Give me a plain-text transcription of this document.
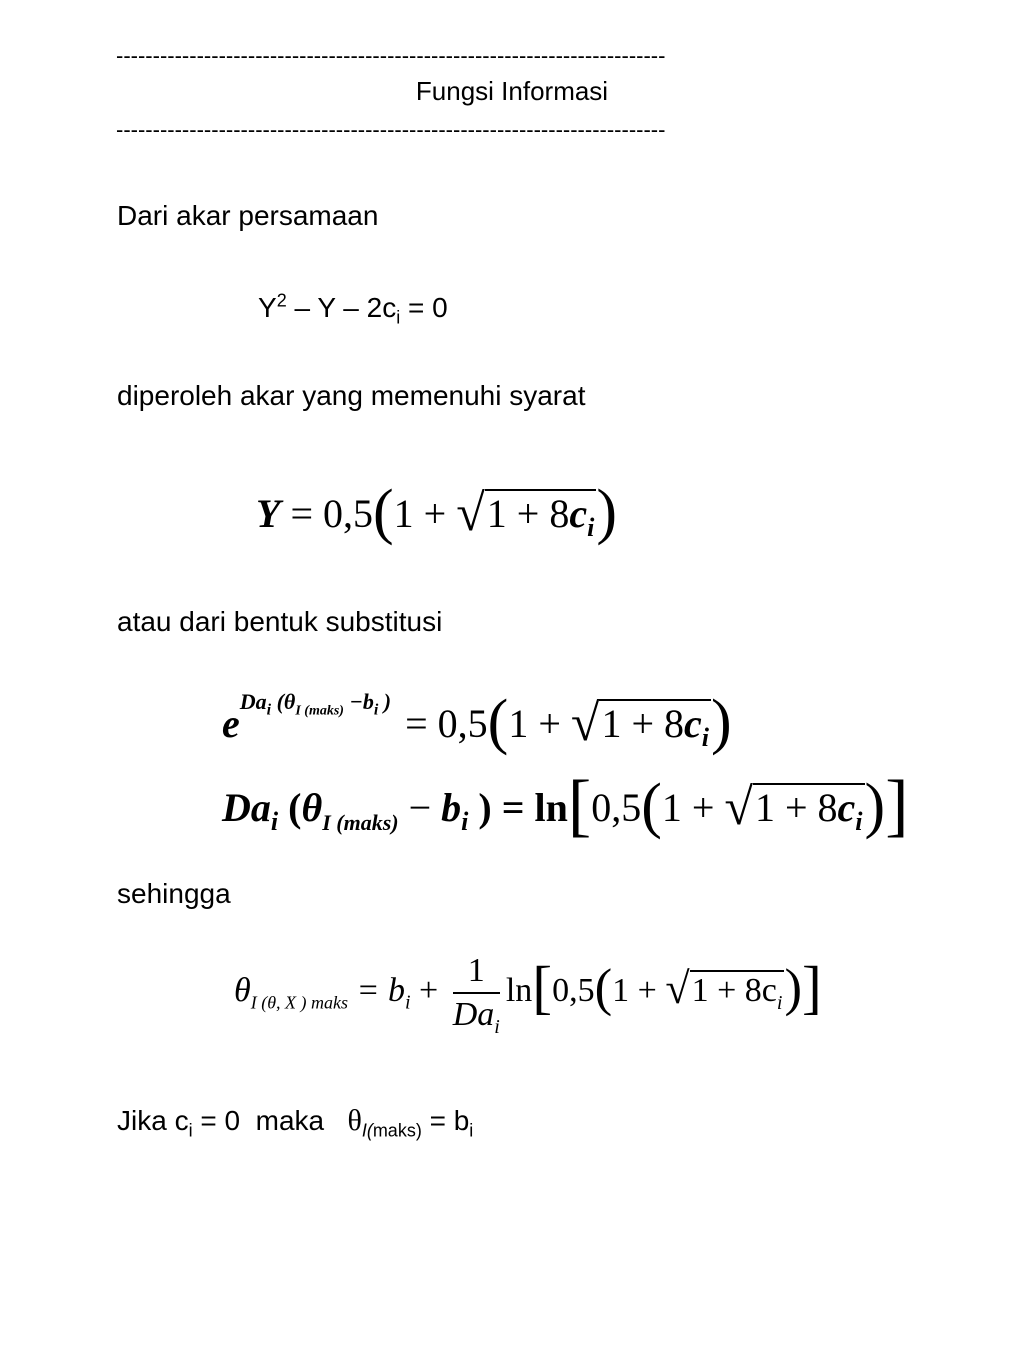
---------------------------------------------------------------------------
Fungsi Informasi
---------------------------------------------------------------------------
Dari akar persamaan
$Y^2 - Y - 2c_i = 0$
diperoleh akar yang memenuhi syarat
$Y = 0,5(1 + √1 + 8c_i)$
atau dari bentuk substitusi
$e^{Da_i (\theta_{I (maks)} -b_i )} = 0,5(1 + √1 + 8c_i)$
$Da_i$ ($\theta_{I (maks)} - b_i$ ) = $\ln[0,5(1 + √1 + 8c_i)]$
sehingga
$\theta_{I (\theta, X ) maks} = b_i + \frac{1}{Da_i} \ln[0,5(1 + √1 + 8c_i)]$
Jika $c_i = 0$  maka   $\theta_{I(maks)} = b_i$
